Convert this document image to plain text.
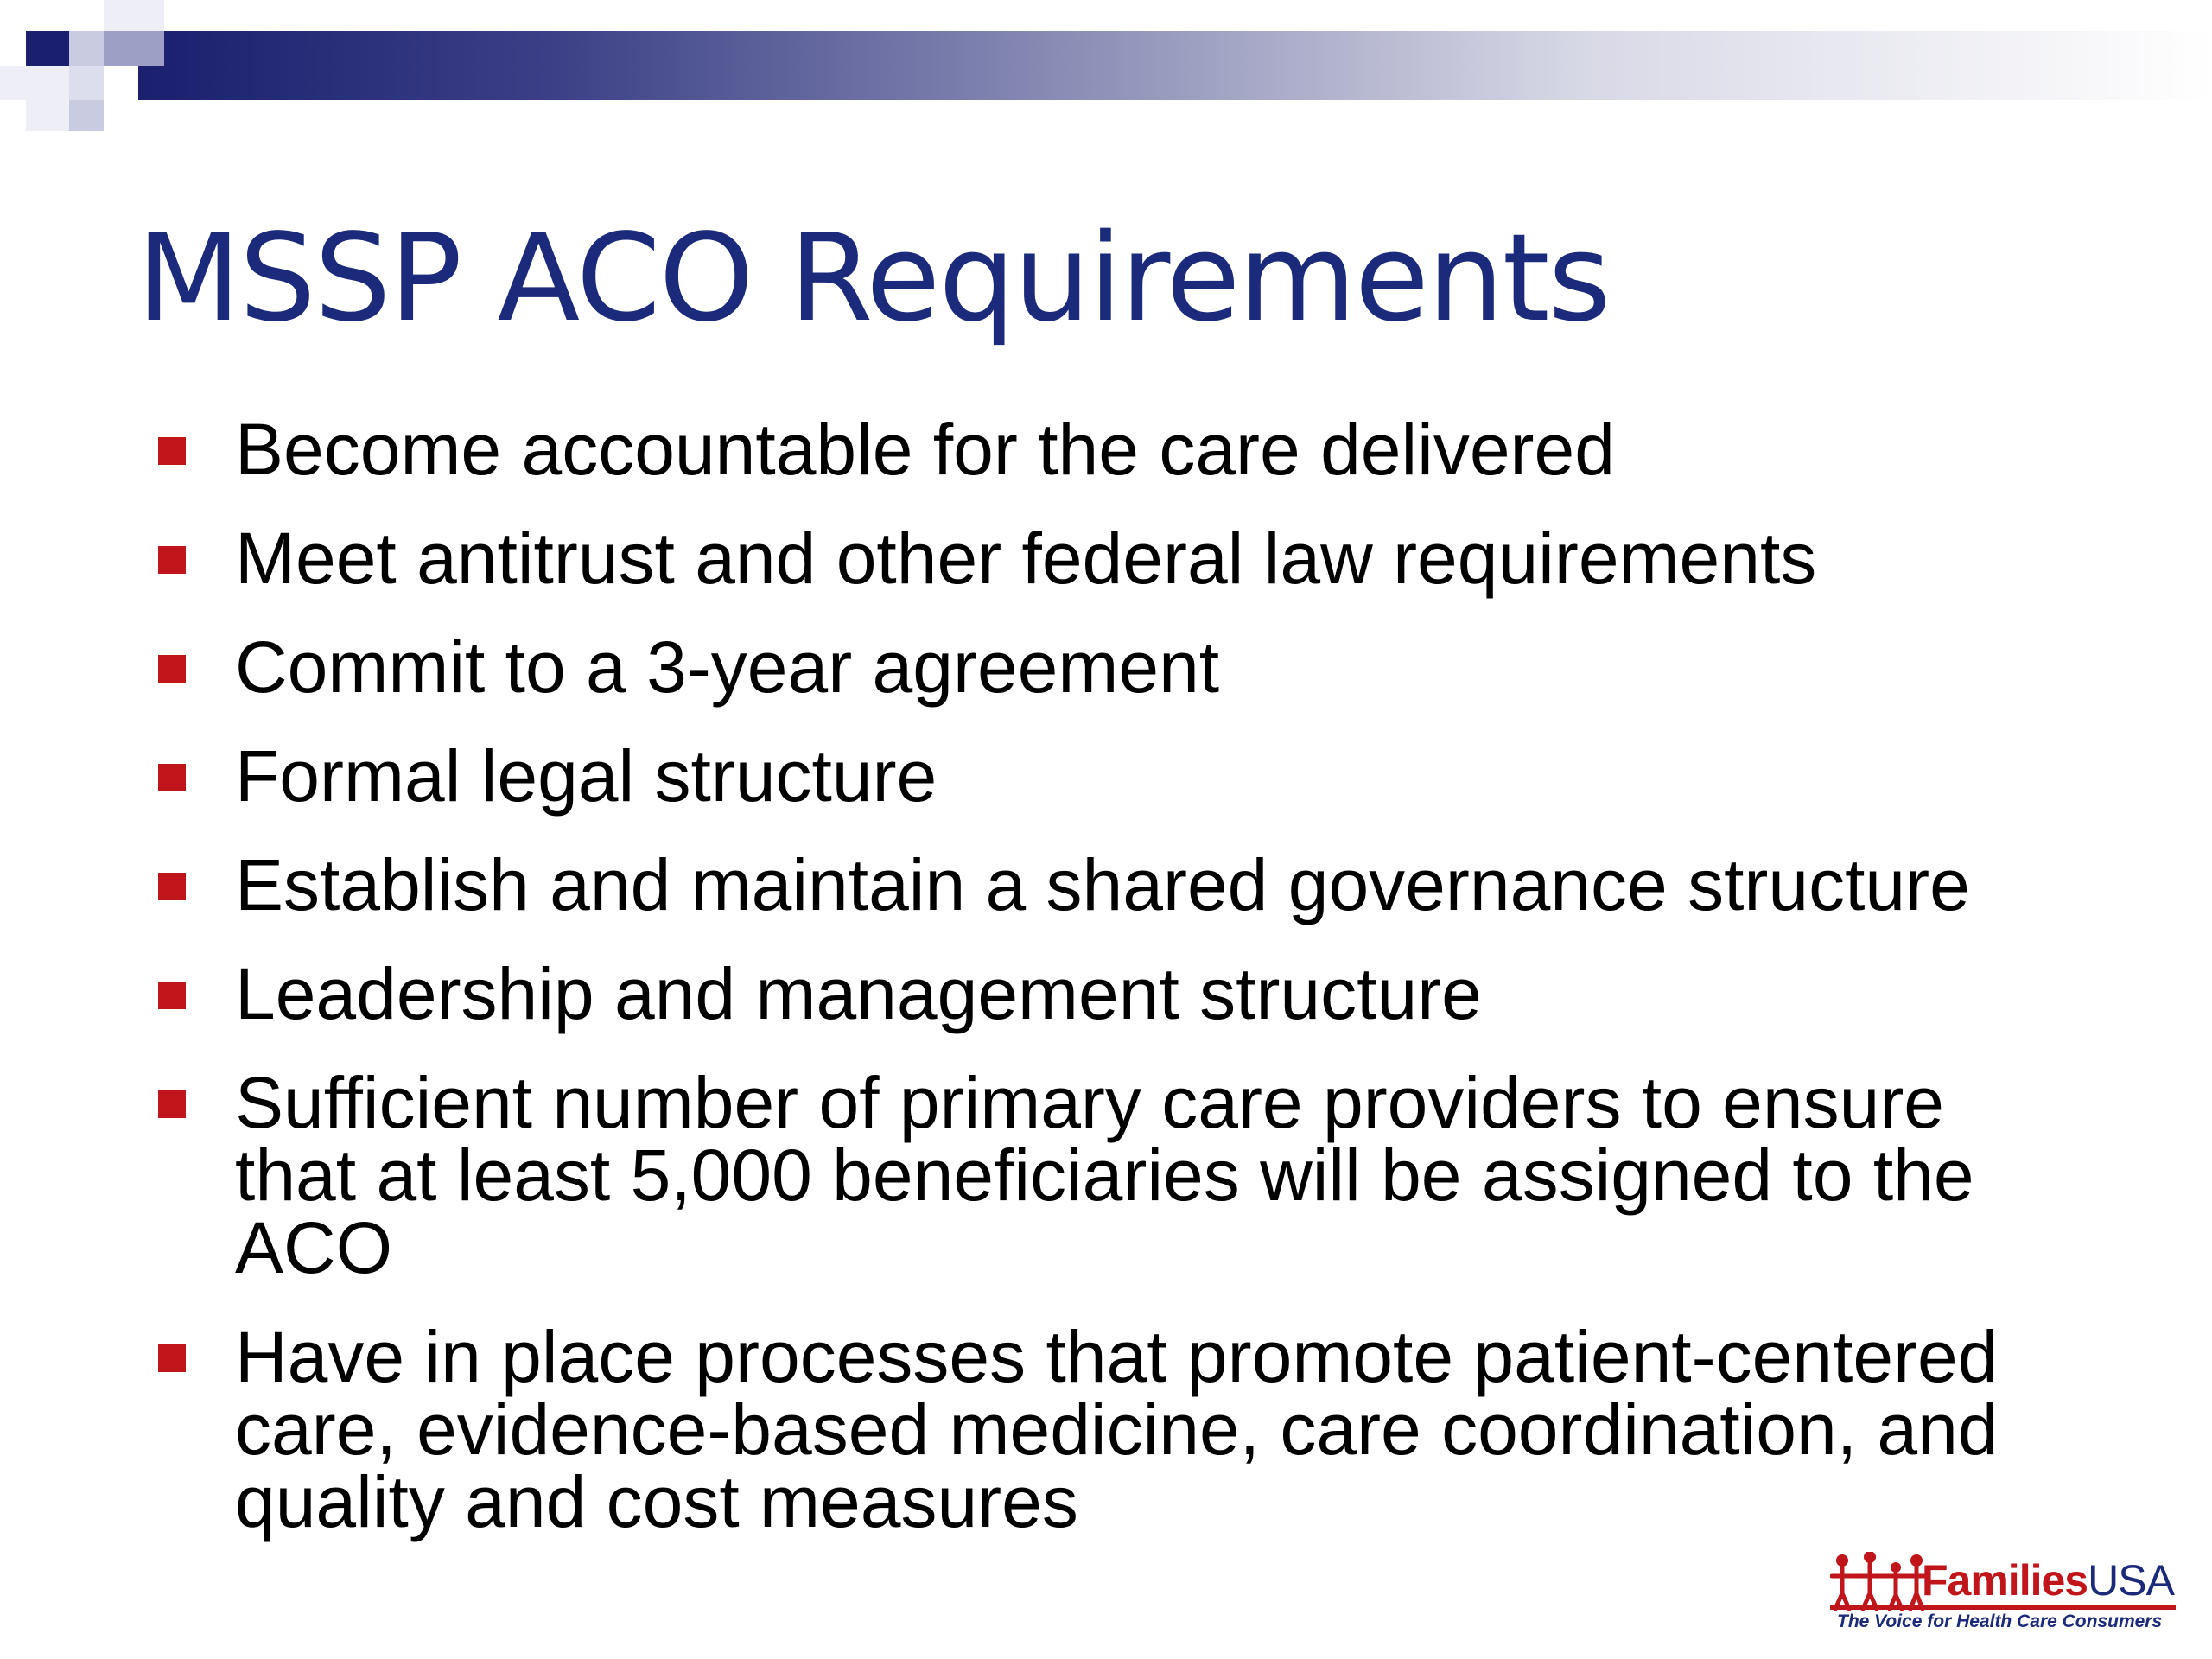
MSSP ACO Requirements
Become accountable for the care delivered
Meet antitrust and other federal law requirements
Commit to a 3-year agreement
Formal legal structure
Establish and maintain a shared governance structure
Leadership and management structure
Sufficient number of primary care providers to ensure
that at least 5,000 beneficiaries will be assigned to the
ACO
Have in place processes that promote patient-centered
care, evidence-based medicine, care coordination, and
quality and cost measures
FamiliesUSA
The Voice for Health Care Consumers
